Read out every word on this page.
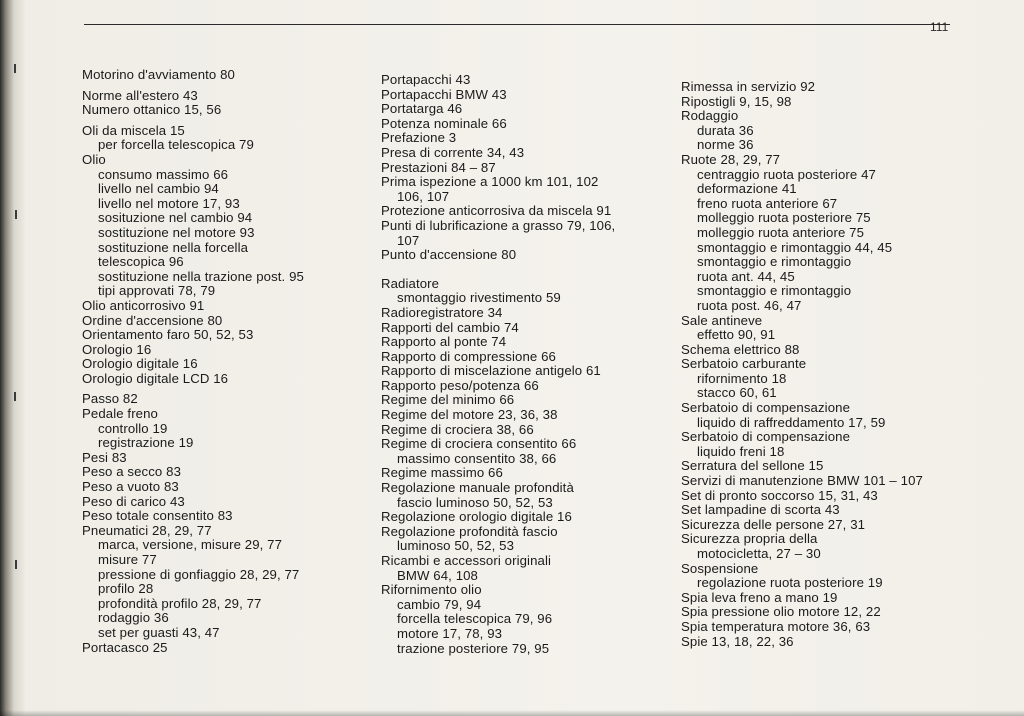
111
Motorino d'avviamento 80
Norme all'estero 43
Numero ottanico 15, 56
Oli da miscela 15
per forcella telescopica 79
Olio
consumo massimo 66
livello nel cambio 94
livello nel motore 17, 93
sosituzione nel cambio 94
sostituzione nel motore 93
sostituzione nella forcella
telescopica 96
sostituzione nella trazione post. 95
tipi approvati 78, 79
Olio anticorrosivo 91
Ordine d'accensione 80
Orientamento faro 50, 52, 53
Orologio 16
Orologio digitale 16
Orologio digitale LCD 16
Passo 82
Pedale freno
controllo 19
registrazione 19
Pesi 83
Peso a secco 83
Peso a vuoto 83
Peso di carico 43
Peso totale consentito 83
Pneumatici 28, 29, 77
marca, versione, misure 29, 77
misure 77
pressione di gonfiaggio 28, 29, 77
profilo 28
profondità profilo 28, 29, 77
rodaggio 36
set per guasti 43, 47
Portacasco 25
Portapacchi 43
Portapacchi BMW 43
Portatarga 46
Potenza nominale 66
Prefazione 3
Presa di corrente 34, 43
Prestazioni 84 – 87
Prima ispezione a 1000 km 101, 102
106, 107
Protezione anticorrosiva da miscela 91
Punti di lubrificazione a grasso 79, 106,
107
Punto d'accensione 80
Radiatore
smontaggio rivestimento 59
Radioregistratore 34
Rapporti del cambio 74
Rapporto al ponte 74
Rapporto di compressione 66
Rapporto di miscelazione antigelo 61
Rapporto peso/potenza 66
Regime del minimo 66
Regime del motore 23, 36, 38
Regime di crociera 38, 66
Regime di crociera consentito 66
massimo consentito 38, 66
Regime massimo 66
Regolazione manuale profondità
fascio luminoso 50, 52, 53
Regolazione orologio digitale 16
Regolazione profondità fascio
luminoso 50, 52, 53
Ricambi e accessori originali
BMW 64, 108
Rifornimento olio
cambio 79, 94
forcella telescopica 79, 96
motore 17, 78, 93
trazione posteriore 79, 95
Rimessa in servizio 92
Ripostigli 9, 15, 98
Rodaggio
durata 36
norme 36
Ruote 28, 29, 77
centraggio ruota posteriore 47
deformazione 41
freno ruota anteriore 67
molleggio ruota posteriore 75
molleggio ruota anteriore 75
smontaggio e rimontaggio 44, 45
smontaggio e rimontaggio
ruota ant. 44, 45
smontaggio e rimontaggio
ruota post. 46, 47
Sale antineve
effetto 90, 91
Schema elettrico 88
Serbatoio carburante
rifornimento 18
stacco 60, 61
Serbatoio di compensazione
liquido di raffreddamento 17, 59
Serbatoio di compensazione
liquido freni 18
Serratura del sellone 15
Servizi di manutenzione BMW 101 – 107
Set di pronto soccorso 15, 31, 43
Set lampadine di scorta 43
Sicurezza delle persone 27, 31
Sicurezza propria della
motocicletta, 27 – 30
Sospensione
regolazione ruota posteriore 19
Spia leva freno a mano 19
Spia pressione olio motore 12, 22
Spia temperatura motore 36, 63
Spie 13, 18, 22, 36
